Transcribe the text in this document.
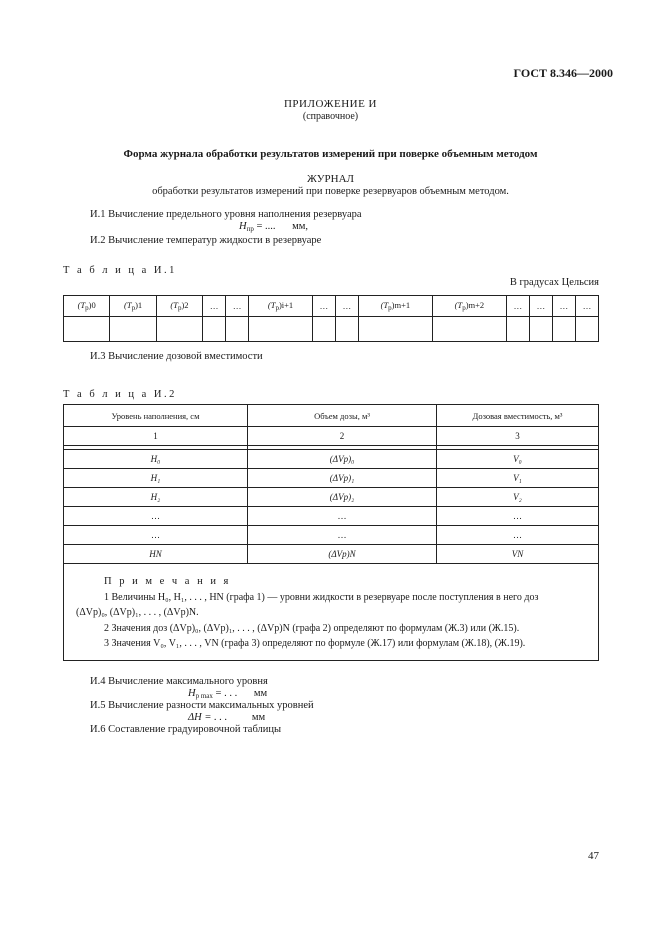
ГОСТ 8.346—2000
ПРИЛОЖЕНИЕ И
(справочное)
Форма журнала обработки результатов измерений при поверке объемным методом
ЖУРНАЛ
обработки результатов измерений при поверке резервуаров объемным методом.
И.1 Вычисление предельного уровня наполнения резервуара
$H_{пр}$ = .... мм,
И.2 Вычисление температур жидкости в резервуаре
Т а б л и ц а И.1
В градусах Цельсия
$(T_р)0$	$(T_р)1$	$(T_р)2$	…	…	$(T_р)i+1$	…	…	$(T_р)m+1$	$(T_р)m+2$	…	…	…	…

И.3 Вычисление дозовой вместимости
Т а б л и ц а И.2
Уровень наполнения, см	Объем дозы, м³	Дозовая вместимость, м³
1	2	3

H₀	(ΔVр)₀	V₀
H₁	(ΔVр)₁	V₁
H₂	(ΔVр)₂	V₂
…	…	…
…	…	…
HN	(ΔVр)N	VN

П р и м е ч а н и я

1 Величины H₀, H₁, . . . , HN (графа 1) — уровни жидкости в резервуаре после поступления в него доз

(ΔVр)₀, (ΔVр)₁, . . . , (ΔVр)N.

2 Значения доз (ΔVр)₀, (ΔVр)₁, . . . , (ΔVр)N (графа 2) определяют по формулам (Ж.3) или (Ж.15).

3 Значения V₀, V₁, . . . , VN (графа 3) определяют по формуле (Ж.17) или формулам (Ж.18), (Ж.19).		

И.4 Вычисление максимального уровня
$H_{р max}$ = . . . мм
И.5 Вычисление разности максимальных уровней
ΔH = . . . мм
И.6 Составление градуировочной таблицы
47
